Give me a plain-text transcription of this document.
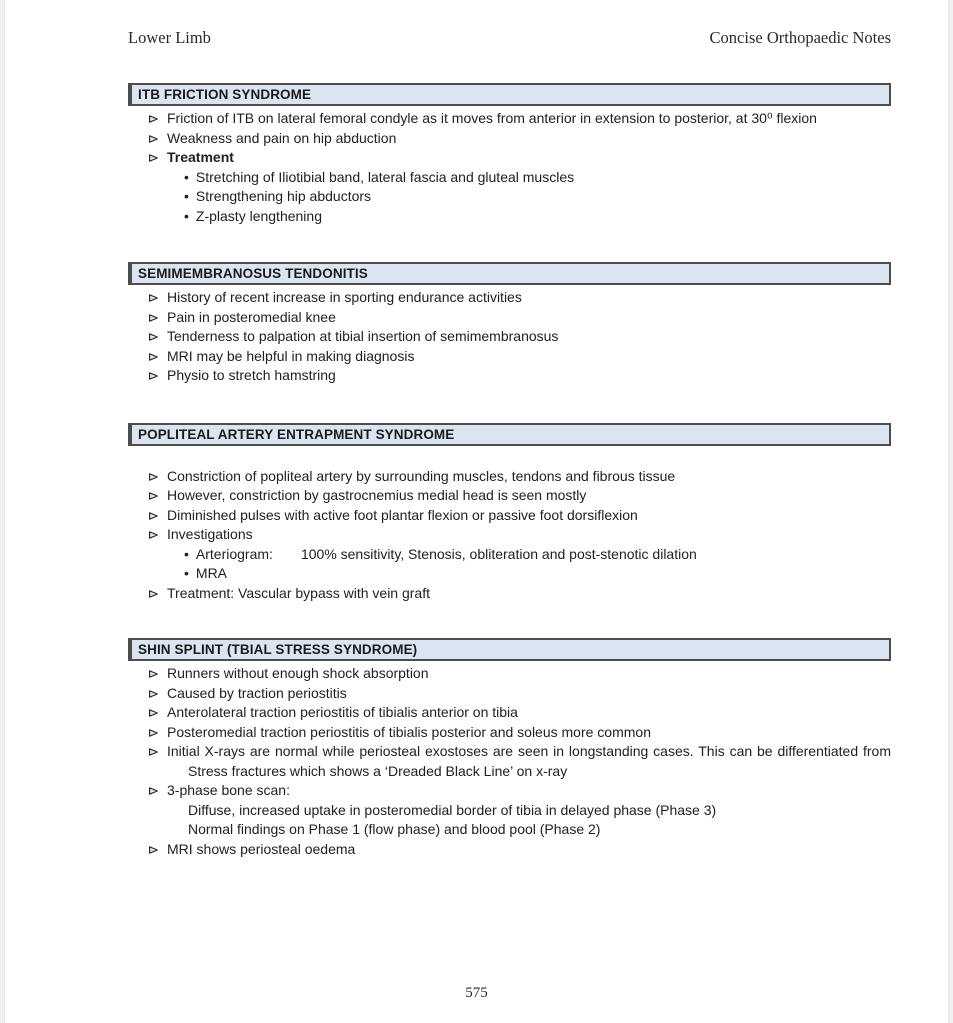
Lower Limb	Concise Orthopaedic Notes
ITB FRICTION SYNDROME
Friction of ITB on lateral femoral condyle as it moves from anterior in extension to posterior, at 30⁰ flexion
Weakness and pain on hip abduction
Treatment
• Stretching of Iliotibial band, lateral fascia and gluteal muscles
• Strengthening hip abductors
• Z-plasty lengthening
SEMIMEMBRANOSUS TENDONITIS
History of recent increase in sporting endurance activities
Pain in posteromedial knee
Tenderness to palpation at tibial insertion of semimembranosus
MRI may be helpful in making diagnosis
Physio to stretch hamstring
POPLITEAL ARTERY ENTRAPMENT SYNDROME
Constriction of popliteal artery by surrounding muscles, tendons and fibrous tissue
However, constriction by gastrocnemius medial head is seen mostly
Diminished pulses with active foot plantar flexion or passive foot dorsiflexion
Investigations
• Arteriogram: 100% sensitivity, Stenosis, obliteration and post-stenotic dilation
• MRA
Treatment: Vascular bypass with vein graft
SHIN SPLINT (TBIAL STRESS SYNDROME)
Runners without enough shock absorption
Caused by traction periostitis
Anterolateral traction periostitis of tibialis anterior on tibia
Posteromedial traction periostitis of tibialis posterior and soleus more common
Initial X-rays are normal while periosteal exostoses are seen in longstanding cases. This can be differentiated from
Stress fractures which shows a ‘Dreaded Black Line’ on x-ray
3-phase bone scan:
Diffuse, increased uptake in posteromedial border of tibia in delayed phase (Phase 3)
Normal findings on Phase 1 (flow phase) and blood pool (Phase 2)
MRI shows periosteal oedema
575
